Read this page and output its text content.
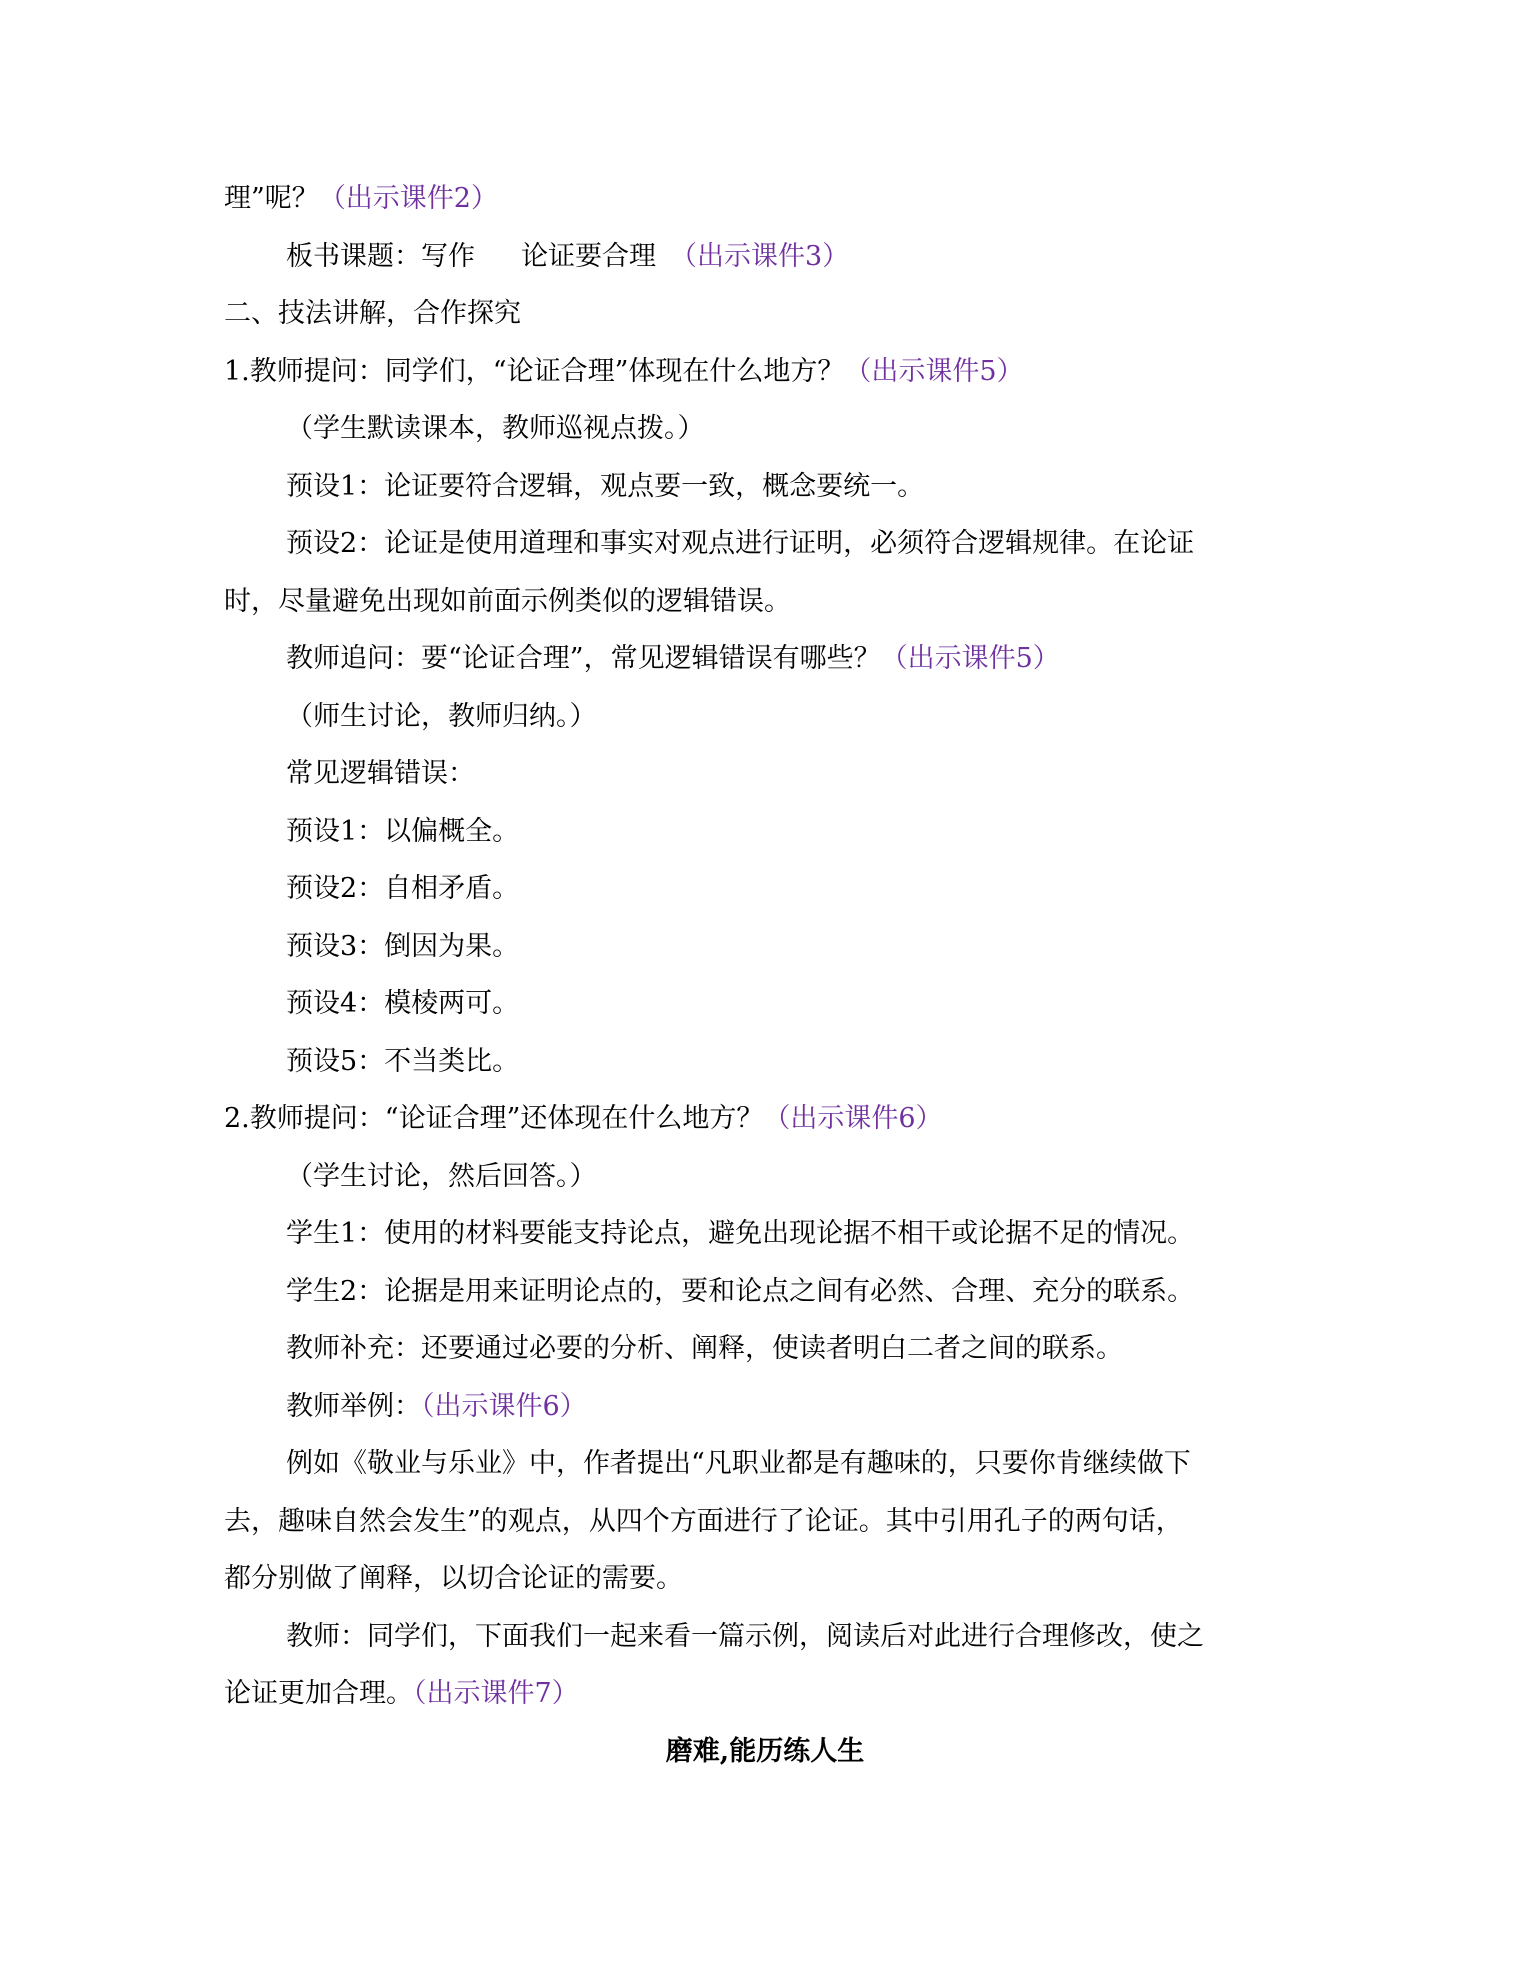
理”呢？（出示课件2）
板书课题：写作 论证要合理 （出示课件3）
二、技法讲解，合作探究
1.教师提问：同学们，“论证合理”体现在什么地方？（出示课件5）
（学生默读课本，教师巡视点拨。）
预设1：论证要符合逻辑，观点要一致，概念要统一。
预设2：论证是使用道理和事实对观点进行证明，必须符合逻辑规律。在论证
时，尽量避免出现如前面示例类似的逻辑错误。
教师追问：要“论证合理”，常见逻辑错误有哪些？（出示课件5）
（师生讨论，教师归纳。）
常见逻辑错误：
预设1：以偏概全。
预设2：自相矛盾。
预设3：倒因为果。
预设4：模棱两可。
预设5：不当类比。
2.教师提问：“论证合理”还体现在什么地方？（出示课件6）
（学生讨论，然后回答。）
学生1：使用的材料要能支持论点，避免出现论据不相干或论据不足的情况。
学生2：论据是用来证明论点的，要和论点之间有必然、合理、充分的联系。
教师补充：还要通过必要的分析、阐释，使读者明白二者之间的联系。
教师举例：（出示课件6）
例如《敬业与乐业》中，作者提出“凡职业都是有趣味的，只要你肯继续做下
去，趣味自然会发生”的观点，从四个方面进行了论证。其中引用孔子的两句话，
都分别做了阐释，以切合论证的需要。
教师：同学们，下面我们一起来看一篇示例，阅读后对此进行合理修改，使之
论证更加合理。（出示课件7）
磨难,能历练人生
